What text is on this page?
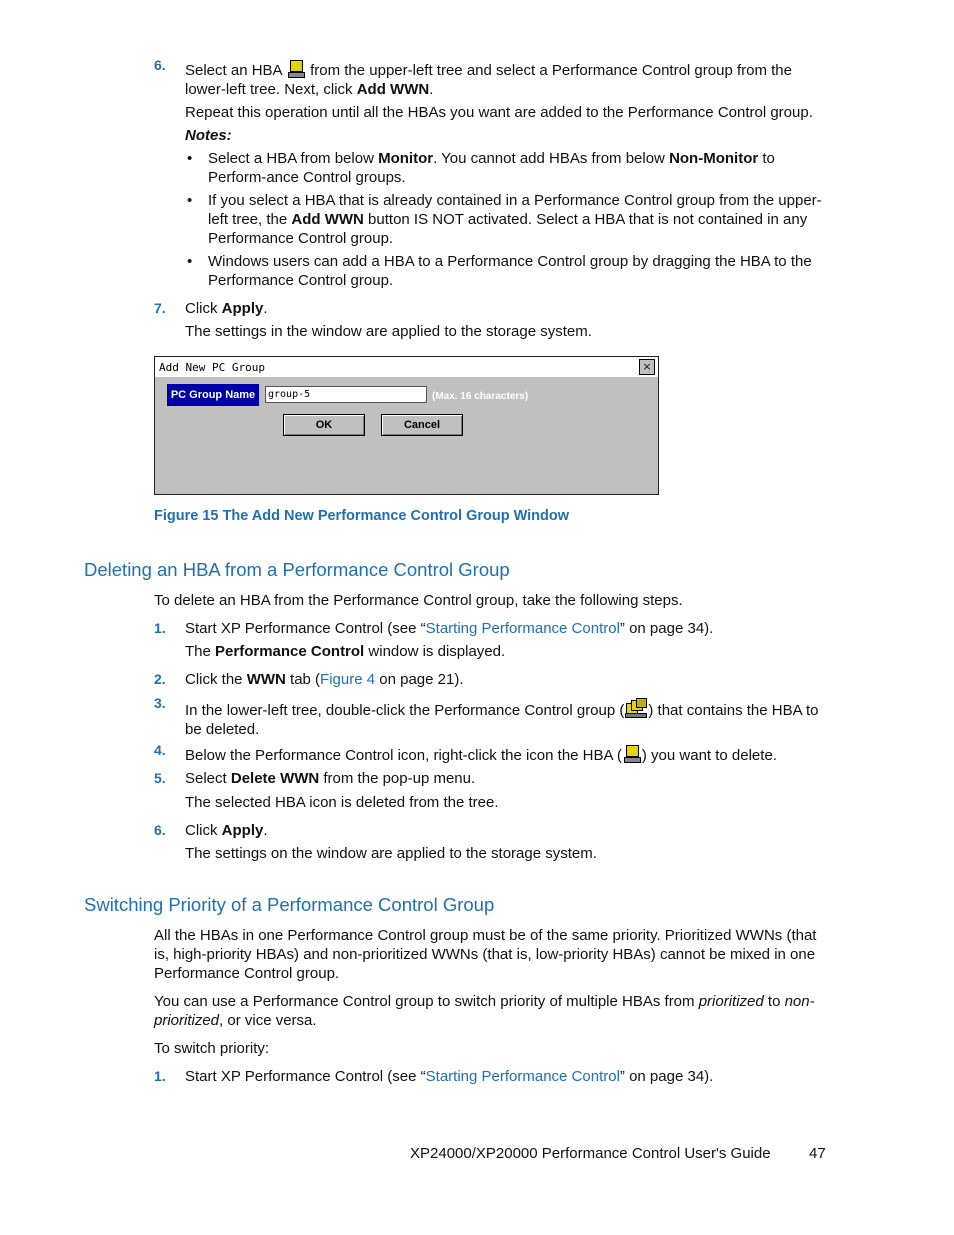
6. Select an HBA from the upper-left tree and select a Performance Control group from the lower-left tree. Next, click Add WWN.
Repeat this operation until all the HBAs you want are added to the Performance Control group.
Notes:
• Select a HBA from below Monitor. You cannot add HBAs from below Non-Monitor to Perform-ance Control groups.
• If you select a HBA that is already contained in a Performance Control group from the upper-left tree, the Add WWN button IS NOT activated. Select a HBA that is not contained in any Performance Control group.
• Windows users can add a HBA to a Performance Control group by dragging the HBA to the Performance Control group.
7. Click Apply.
The settings in the window are applied to the storage system.
Add New PC Group	×
PC Group Name	group-5	(Max. 16 characters)
OK	Cancel
Figure 15 The Add New Performance Control Group Window
Deleting an HBA from a Performance Control Group
To delete an HBA from the Performance Control group, take the following steps.
1. Start XP Performance Control (see “Starting Performance Control” on page 34).
The Performance Control window is displayed.
2. Click the WWN tab (Figure 4 on page 21).
3. In the lower-left tree, double-click the Performance Control group ( ) that contains the HBA to be deleted.
4. Below the Performance Control icon, right-click the icon the HBA ( ) you want to delete.
5. Select Delete WWN from the pop-up menu.
The selected HBA icon is deleted from the tree.
6. Click Apply.
The settings on the window are applied to the storage system.
Switching Priority of a Performance Control Group
All the HBAs in one Performance Control group must be of the same priority. Prioritized WWNs (that is, high-priority HBAs) and non-prioritized WWNs (that is, low-priority HBAs) cannot be mixed in one Performance Control group.
You can use a Performance Control group to switch priority of multiple HBAs from prioritized to non-prioritized, or vice versa.
To switch priority:
1. Start XP Performance Control (see “Starting Performance Control” on page 34).
XP24000/XP20000 Performance Control User's Guide	47
